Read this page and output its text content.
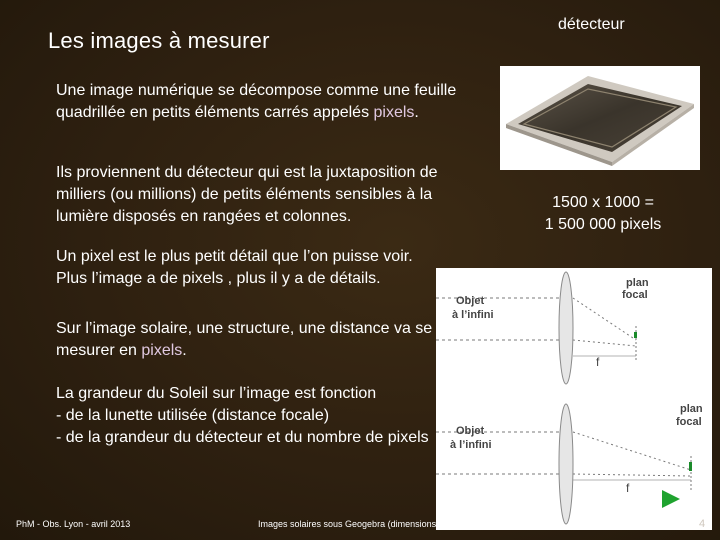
Les images à mesurer
détecteur
1500 x 1000 =
1 500 000 pixels
Une image numérique se décompose comme une feuille quadrillée en petits éléments carrés appelés pixels.
Ils proviennent du détecteur qui est la juxtaposition de milliers (ou millions) de petits éléments sensibles à la lumière disposés en rangées et colonnes.
Un pixel est le plus petit détail que l’on puisse voir.
Plus l’image a de pixels , plus il y a de détails.
Sur l’image solaire, une structure, une distance va se mesurer en pixels.
La grandeur du Soleil sur l’image est fonction
- de la lunette utilisée (distance focale)
- de la grandeur du détecteur et du nombre de pixels
Objet
à l’infini
plan
focal
f
Objet
à l’infini
plan
focal
f
PhM - Obs. Lyon - avril 2013	Images solaires sous Geogebra (dimensions)	4
